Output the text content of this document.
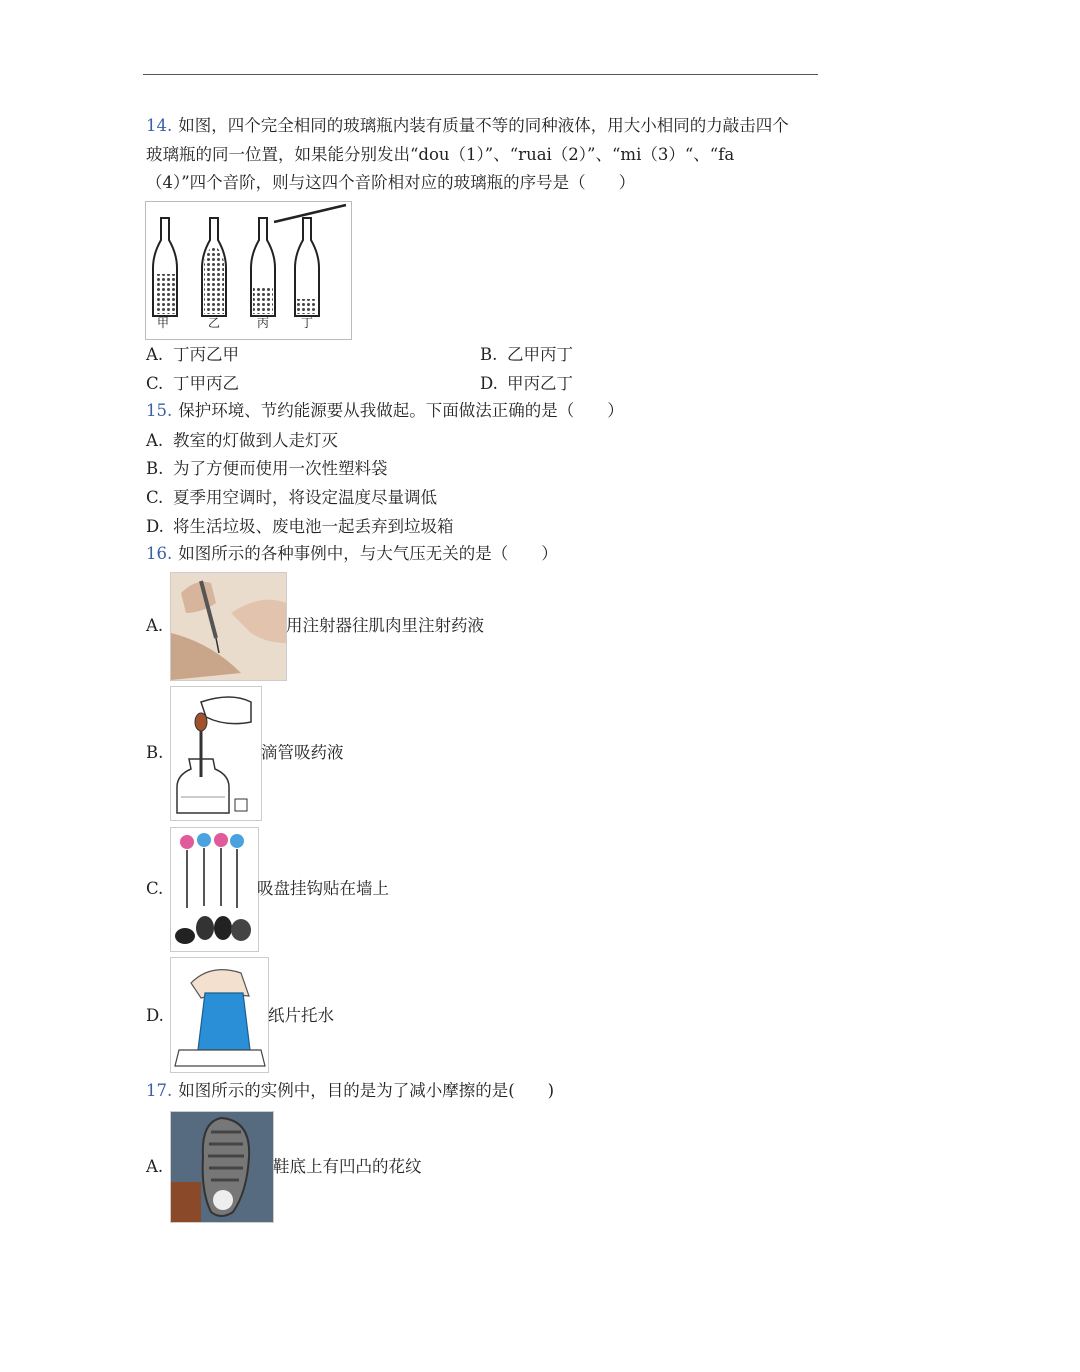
14. 如图，四个完全相同的玻璃瓶内装有质量不等的同种液体，用大小相同的力敲击四个
玻璃瓶的同一位置，如果能分别发出“dou（1）”、“ruai（2）”、“mi（3）“、“fa
（4）”四个音阶，则与这四个音阶相对应的玻璃瓶的序号是（　　）
甲	乙	丙	丁
A. 丁丙乙甲	B. 乙甲丙丁
C. 丁甲丙乙	D. 甲丙乙丁
15. 保护环境、节约能源要从我做起。下面做法正确的是（　　）
A. 教室的灯做到人走灯灭
B. 为了方便而使用一次性塑料袋
C. 夏季用空调时，将设定温度尽量调低
D. 将生活垃圾、废电池一起丢弃到垃圾箱
16. 如图所示的各种事例中，与大气压无关的是（　　）
A.	用注射器往肌肉里注射药液
B.	滴管吸药液
C.	吸盘挂钩贴在墙上
D.	纸片托水
17. 如图所示的实例中，目的是为了减小摩擦的是(　　)
A.	鞋底上有凹凸的花纹
